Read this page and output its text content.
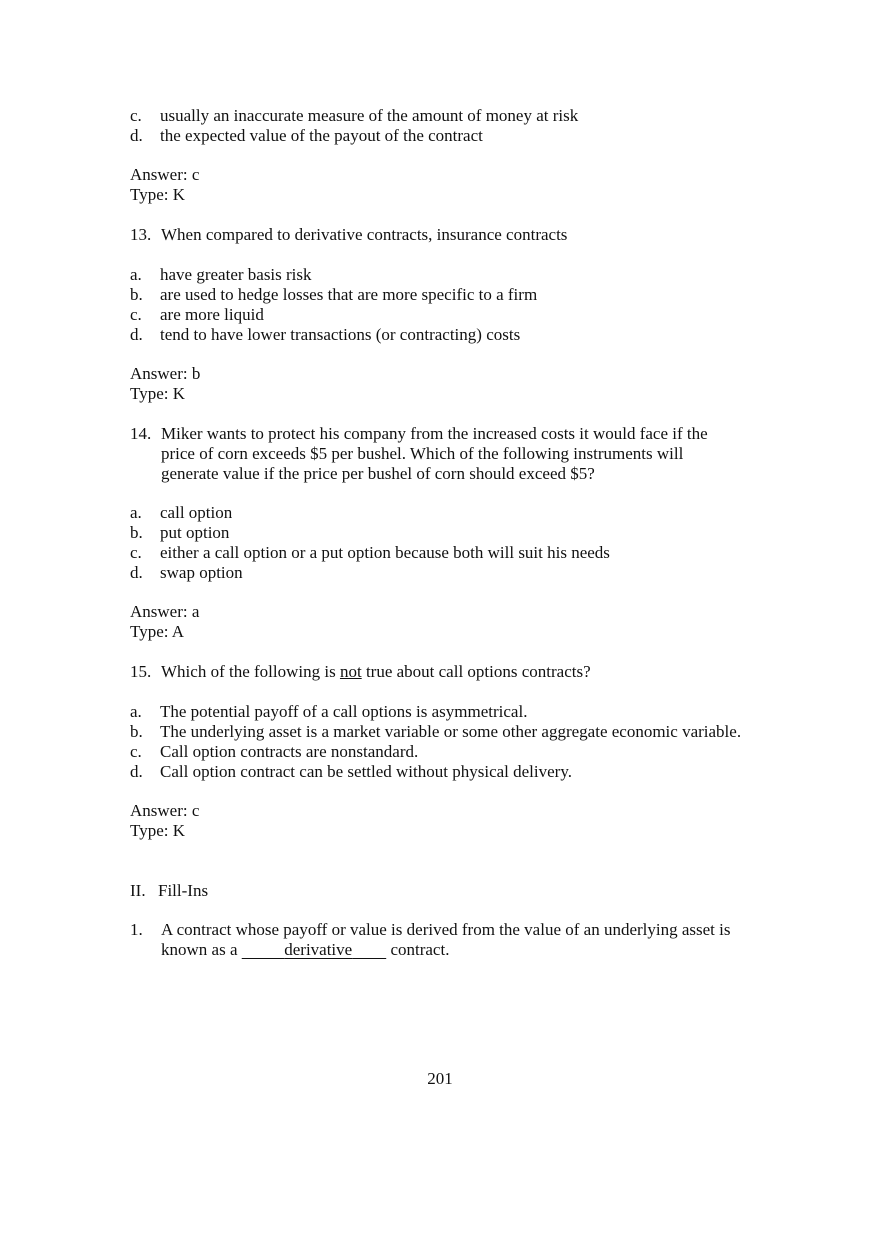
c. usually an inaccurate measure of the amount of money at risk
d. the expected value of the payout of the contract
Answer: c
Type: K
13. When compared to derivative contracts, insurance contracts
a. have greater basis risk
b. are used to hedge losses that are more specific to a firm
c. are more liquid
d. tend to have lower transactions (or contracting) costs
Answer: b
Type: K
14. Miker wants to protect his company from the increased costs it would face if the
price of corn exceeds $5 per bushel. Which of the following instruments will
generate value if the price per bushel of corn should exceed $5?
a. call option
b. put option
c. either a call option or a put option because both will suit his needs
d. swap option
Answer: a
Type: A
15. Which of the following is not true about call options contracts?
a. The potential payoff of a call options is asymmetrical.
b. The underlying asset is a market variable or some other aggregate economic variable.
c. Call option contracts are nonstandard.
d. Call option contract can be settled without physical delivery.
Answer: c
Type: K
II. Fill-Ins
1. A contract whose payoff or value is derived from the value of an underlying asset is
known as a	derivative         contract.
201
